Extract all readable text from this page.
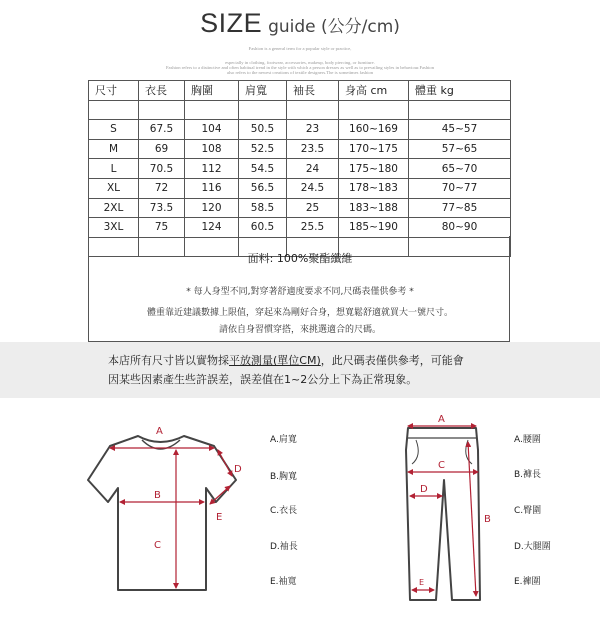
SIZE guide (公分/cm)
Fashion is a general term for a popular style or practice,
especially in clothing, footwear, accessories, makeup, body piercing, or furniture.
Fashion refers to a distinctive and often habitual trend in the style with which a person dresses as well as to prevailing styles in behaviour.Fashion
also refers to the newest creations of textile designers.The is sometimes fashion
尺寸	衣長	胸圍	肩寬	袖長	身高 cm	體重 kg

S	67.5	104	50.5	23	160~169	45~57
M	69	108	52.5	23.5	170~175	57~65
L	70.5	112	54.5	24	175~180	65~70
XL	72	116	56.5	24.5	178~183	70~77
2XL	73.5	120	58.5	25	183~188	77~85
3XL	75	124	60.5	25.5	185~190	80~90

面料: 100%聚酯纖維
* 每人身型不同,對穿著舒適度要求不同,尺碼表僅供參考 *
體重靠近建議數據上限值，穿起來為剛好合身，想寬鬆舒適就買大一號尺寸。
請依自身習慣穿搭，來挑選適合的尺碼。
本店所有尺寸皆以實物採平放測量(單位CM)，此尺碼表僅供參考，可能會
因某些因素產生些許誤差，誤差值在1~2公分上下為正常現象。
A
B
C
D
E
A.肩寬
B.胸寬
C.衣長
D.袖長
E.袖寬
A
C
D
B
E
A.腰圍
B.褲長
C.臀圍
D.大腿圍
E.褲圍
